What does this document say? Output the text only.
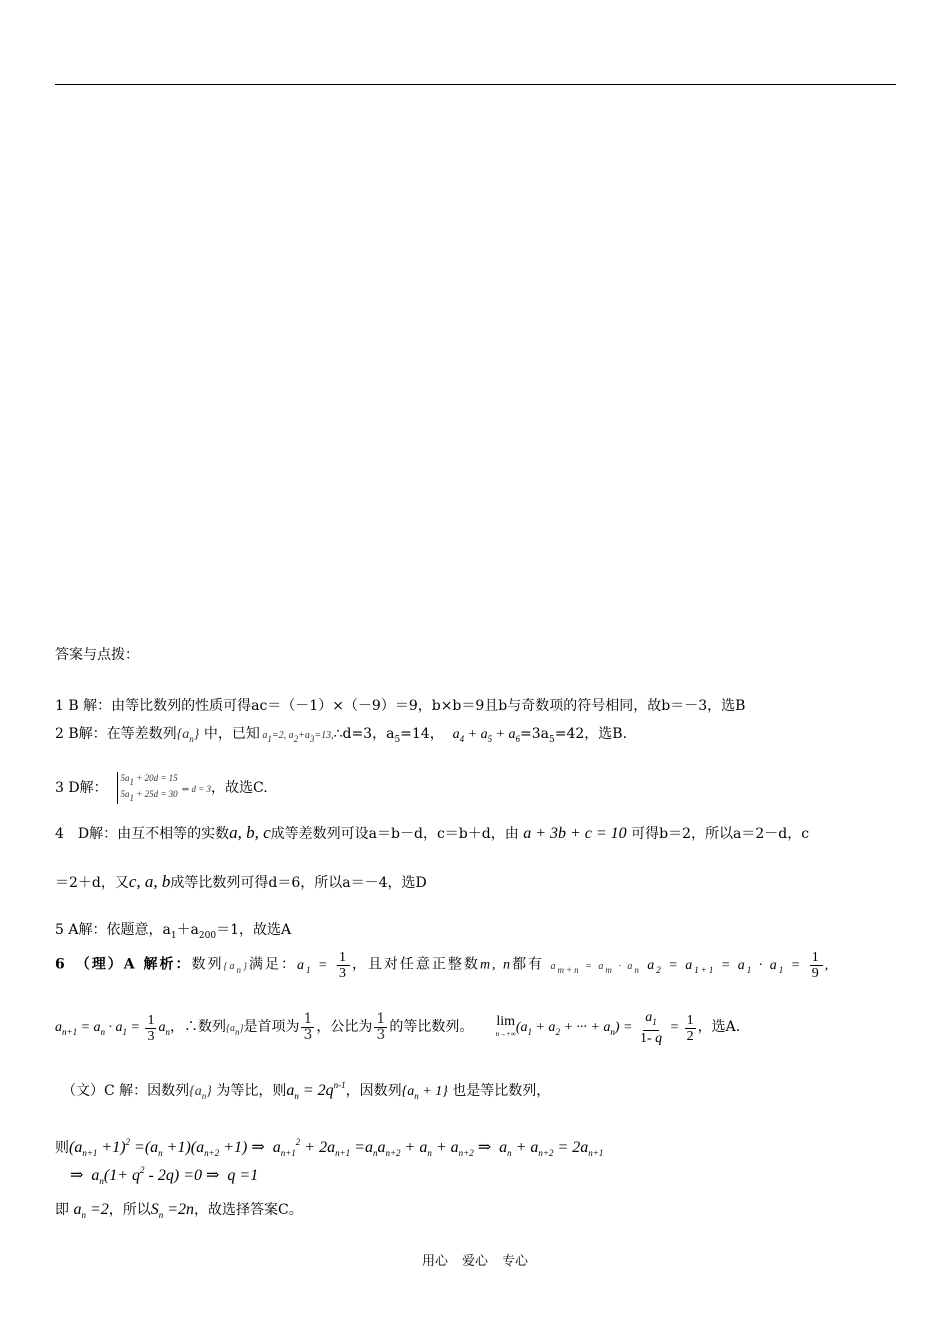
答案与点拨：
1 B 解：由等比数列的性质可得ac＝（－1）×（－9）＝9，b×b＝9且b与奇数项的符号相同，故b＝－3，选B
2 B解：在等差数列$\{a_n\}$ 中，已知 a1=2, a2+a3=13,∴d=3，$a_5=14$， $a_4 + a_5 + a_6=3a_5=42$，选B.
3 D解：
5a1 + 20d = 15
5a1 + 25d = 30 ⇒ d = 3，故选C.
4　D解：由互不相等的实数a, b, c成等差数列可设a＝b－d，c＝b＋d，由 a + 3b + c = 10 可得b＝2，所以a＝2－d，c
＝2＋d，又c, a, b成等比数列可得d＝6，所以a＝－4，选D
5 A解：依题意，$a_1+a_{200}=1$，故选A
6　（理）A 解析：数列{an}满足：$a_1 = \frac{1}{3}$ ，且对任意正整数m, n都有 am+n = am · an $a_2 = a_{1+1} = a_1 \cdot a_1 = \frac{1}{9}$ ,
$a_{n+1} = a_n \cdot a_1 = \frac{1}{3} a_n$，∴数列{an}是首项为 $\frac{1}{3}$ ，公比为 $\frac{1}{3}$ 的等比数列。 lim
n→+∞ ($a_1 + a_2$ + ··· + $a_n) = \frac{a_1}{1- q} = \frac{1}{2}$ ，选A.
（文）C 解：因数列$\{a_n\}$ 为等比，则$a_n = 2q^{n-1}$，因数列$\{a_n + 1\}$ 也是等比数列，
则$(a_{n+1} +1)^2 =(a_n +1)(a_{n+2} +1)$ ⇒  $a_{n+1}^2 + 2a_{n+1} =a_na_{n+2} + a_n + a_{n+2}$ ⇒  $a_n + a_{n+2} = 2a_{n+1}$
⇒  $a_n(1+ q^2 - 2q) =0$ ⇒  q =1
即 $a_n =2$，所以$S_n =2n$，故选择答案C。
用心 爱心 专心
